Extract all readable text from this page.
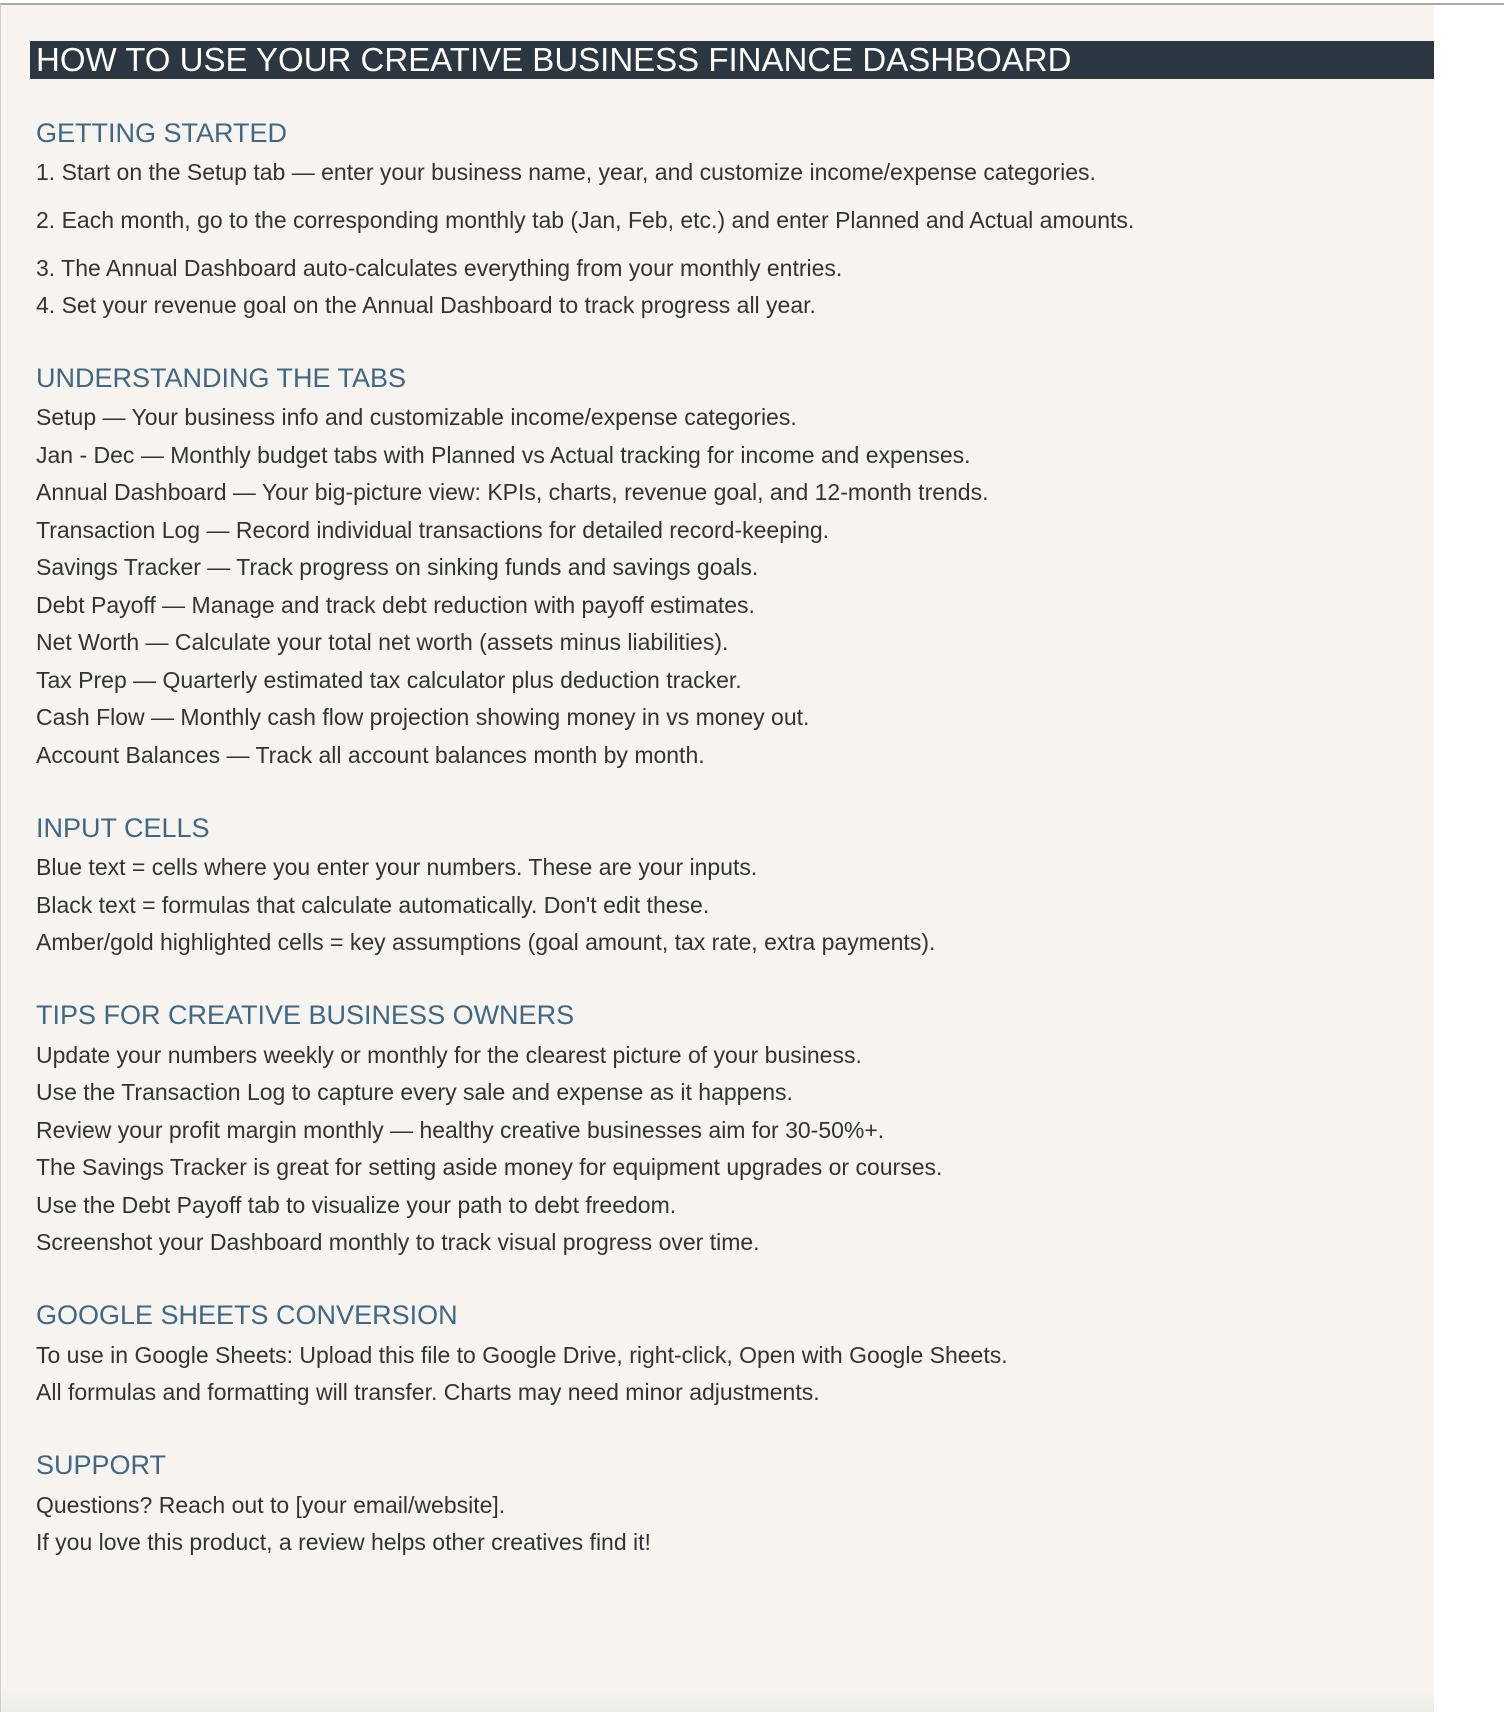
HOW TO USE YOUR CREATIVE BUSINESS FINANCE DASHBOARD
GETTING STARTED
1. Start on the Setup tab — enter your business name, year, and customize income/expense categories.
2. Each month, go to the corresponding monthly tab (Jan, Feb, etc.) and enter Planned and Actual amounts.
3. The Annual Dashboard auto-calculates everything from your monthly entries.
4. Set your revenue goal on the Annual Dashboard to track progress all year.
UNDERSTANDING THE TABS
Setup — Your business info and customizable income/expense categories.
Jan - Dec — Monthly budget tabs with Planned vs Actual tracking for income and expenses.
Annual Dashboard — Your big-picture view: KPIs, charts, revenue goal, and 12-month trends.
Transaction Log — Record individual transactions for detailed record-keeping.
Savings Tracker — Track progress on sinking funds and savings goals.
Debt Payoff — Manage and track debt reduction with payoff estimates.
Net Worth — Calculate your total net worth (assets minus liabilities).
Tax Prep — Quarterly estimated tax calculator plus deduction tracker.
Cash Flow — Monthly cash flow projection showing money in vs money out.
Account Balances — Track all account balances month by month.
INPUT CELLS
Blue text = cells where you enter your numbers. These are your inputs.
Black text = formulas that calculate automatically. Don't edit these.
Amber/gold highlighted cells = key assumptions (goal amount, tax rate, extra payments).
TIPS FOR CREATIVE BUSINESS OWNERS
Update your numbers weekly or monthly for the clearest picture of your business.
Use the Transaction Log to capture every sale and expense as it happens.
Review your profit margin monthly — healthy creative businesses aim for 30-50%+.
The Savings Tracker is great for setting aside money for equipment upgrades or courses.
Use the Debt Payoff tab to visualize your path to debt freedom.
Screenshot your Dashboard monthly to track visual progress over time.
GOOGLE SHEETS CONVERSION
To use in Google Sheets: Upload this file to Google Drive, right-click, Open with Google Sheets.
All formulas and formatting will transfer. Charts may need minor adjustments.
SUPPORT
Questions? Reach out to [your email/website].
If you love this product, a review helps other creatives find it!
